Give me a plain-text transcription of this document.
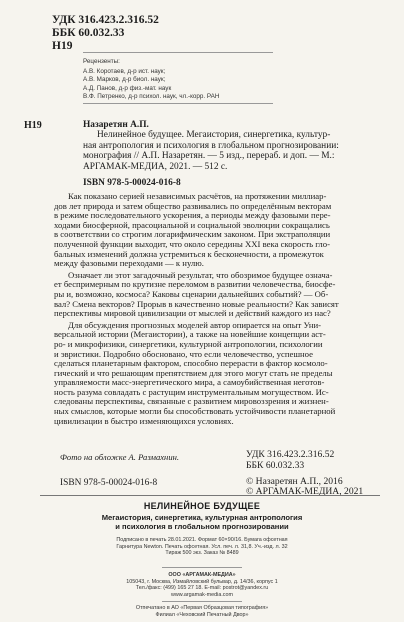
УДК 316.423.2.316.52
ББК 60.032.33
Н19
Рецензенты:
А.В. Коротаев, д-р ист. наук;
А.В. Марков, д-р биол. наук;
А.Д. Панов, д-р физ.-мат. наук
В.Ф. Петренко, д-р психол. наук, чл.-корр. РАН
Н19	Назаретян А.П.
Нелинейное будущее. Мегаистория, синергетика, культур-
ная антропология и психология в глобальном прогнозировании:
монография // А.П. Назаретян. — 5 изд., перераб. и доп. — М.:
АРГАМАК-МЕДИА, 2021. — 512 с.
ISBN 978-5-00024-016-8

Как показано серией независимых расчётов, на протяжении миллиар-
дов лет природа и затем общество развивались по определённым векторам
в режиме последовательного ускорения, а периоды между фазовыми пере-
ходами биосферной, прасоциальной и социальной эволюции сокращались
в соответствии со строгим логарифмическим законом. При экстраполяции
полученной функции выходит, что около середины XXI века скорость гло-
бальных изменений должна устремиться к бесконечности, а промежуток
между фазовыми переходами — к нулю.

Означает ли этот загадочный результат, что обозримое будущее означа-
ет беспримерным по крутизне переломом в развитии человечества, биосфе-
ры и, возможно, космоса? Каковы сценарии дальнейших событий? — Об-
вал? Смена векторов? Прорыв в качественно новые реальности? Как зависят
перспективы мировой цивилизации от мыслей и действий каждого из нас?

Для обсуждения прогнозных моделей автор опирается на опыт Уни-
версальной истории (Мегаистории), а также на новейшие концепции аст-
ро- и микрофизики, синергетики, культурной антропологии, психологии
и эвристики. Подробно обосновано, что если человечество, успешное
сделаться планетарным фактором, способно перерасти в фактор космоло-
гический и что решающим препятствием для этого могут стать не пределы
управляемости масс-энергетического мира, а самоубийственная неготов-
ность разума совладать с растущим инструментальным могуществом. Ис-
следованы перспективы, связанные с развитием мировоззрения и жизнен-
ных смыслов, которые могли бы способствовать устойчивости планетарной
цивилизации в быстро изменяющихся условиях.

Фото на обложке А. Размахнин.	УДК 316.423.2.316.52
ББК 60.032.33
ISBN 978-5-00024-016-8	© Назаретян А.П., 2016
© АРГАМАК-МЕДИА, 2021
НЕЛИНЕЙНОЕ БУДУЩЕЕ
Мегаистория, синергетика, культурная антропология
и психология в глобальном прогнозировании
Подписано в печать 28.01.2021. Формат 60×90/16. Бумага офсетная
Гарнитура Newton. Печать офсетная. Усл. печ. л. 31,8. Уч.-изд. л. 32
Тираж 500 экз. Заказ № 8489
ООО «АРГАМАК-МЕДИА»
105043, г. Москва, Измайловский бульвар, д. 14/36, корпус 1
Тел./факс: (499) 165 27 18. E-mail: postrot@yandex.ru
www.argamak-media.com
Отпечатано в АО «Первая Образцовая типография»
Филиал «Чеховский Печатный Двор»
